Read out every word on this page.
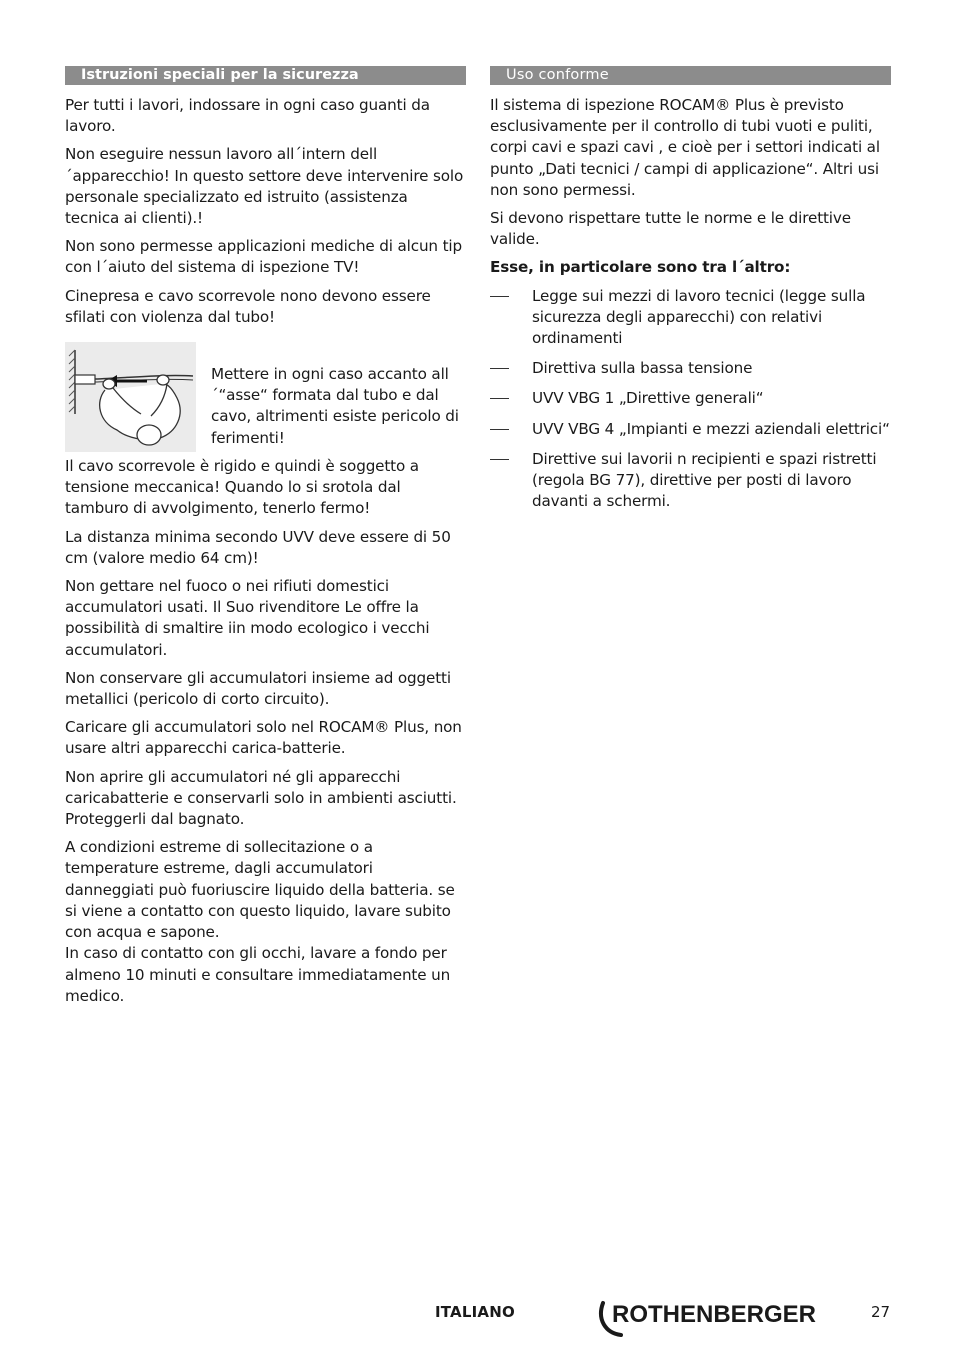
Istruzioni speciali per la sicurezza

Per tutti i lavori, indossare in ogni caso guanti da lavoro.

Non eseguire nessun lavoro all´intern dell´apparecchio! In questo settore deve intervenire solo personale specializzato ed istruito (assistenza tecnica ai clienti).!

Non sono permesse applicazioni mediche di alcun tip con l´aiuto del sistema di ispezione TV!

Cinepresa e cavo scorrevole nono devono essere sfilati con violenza dal tubo!

Mettere in ogni caso accanto all´“asse“ formata dal tubo e dal cavo, altrimenti esiste pericolo di ferimenti!

Il cavo scorrevole è rigido e quindi è soggetto a tensione meccanica! Quando lo si srotola dal tamburo di avvolgimento, tenerlo fermo!

La distanza minima secondo UVV deve essere di 50 cm (valore medio 64 cm)!

Non gettare nel fuoco o nei rifiuti domestici accumulatori usati. Il Suo rivenditore Le offre la possibilità di smaltire iin modo ecologico i vecchi accumulatori.

Non conservare gli accumulatori insieme ad oggetti metallici (pericolo di corto circuito).

Caricare gli accumulatori solo nel ROCAM® Plus, non usare altri apparecchi carica-batterie.

Non aprire gli accumulatori né gli apparecchi caricabatterie e conservarli solo in ambienti asciutti. Proteggerli dal bagnato.

A condizioni estreme di sollecitazione o a temperature estreme, dagli accumulatori danneggiati può fuoriuscire liquido della batteria. se si viene a contatto con questo liquido, lavare subito con acqua e sapone.
In caso di contatto con gli occhi, lavare a fondo per almeno 10 minuti e consultare immediatamente un medico.

Uso conforme

Il sistema di ispezione ROCAM® Plus è previsto esclusivamente per il controllo di tubi vuoti e puliti, corpi cavi e spazi cavi , e cioè per i settori indicati al punto „Dati tecnici / campi di applicazione“. Altri usi non sono permessi.

Si devono rispettare tutte le norme e le direttive valide.

Esse, in particolare sono tra l´altro:

Legge sui mezzi di lavoro tecnici (legge sulla sicurezza degli apparecchi) con relativi ordinamenti
Direttiva sulla bassa tensione
UVV VBG 1 „Direttive generali“
UVV VBG 4 „Impianti e mezzi aziendali elettrici“
Direttive sui lavorii n recipienti e spazi ristretti (regola BG 77), direttive per posti di lavoro davanti a schermi.
ITALIANO	ROTHENBERGER	27
